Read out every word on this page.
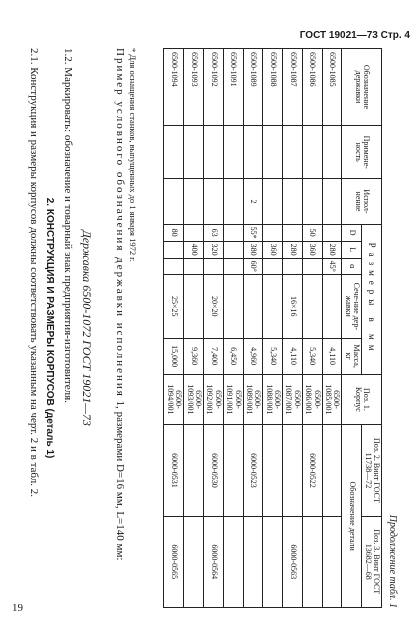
ГОСТ 19021—73 Стр. 4
Продолжение табл. 1
Обозначение державки	Примене-ность	Испол-нение	Размеры в мм					Поз. 1. Корпус	Поз. 2. Винт ГОСТ 11738—72	Поз. 3. Винт ГОСТ 13682—68
			D	L	α	Сече-ние дер-жавки	Масса, кг		Обозначение детали	
6500-1085				280	45°		4,110	6500-1085/001		
6500-1086			50	360			5,340	6500-1086/001	6000-0522	
6500-1087				280		16×16	4,110	6500-1087/001		6000-0563
6500-1088				360			5,340	6500-1088/001		
6500-1089		2	55*	380	60°		4,960	6500-1089/001	6000-0523	
6500-1091							6,450	6500-1091/001		
6500-1092			63	320		20×20	7,400	6500-1092/001	6000-0530	6000-0564
6500-1093				400			9,360	6500-1093/001		
6500-1094			80			25×25	15,000	6500-1094/001	6000-0531	6000-0565
* Для оснащения станков, выпущенных до 1 января 1972 г.
Пример условного обозначения державки исполнения 1, размерами D=16 мм, L=140 мм:
Державка 6500-1072 ГОСТ 19021—73
1.2. Маркировать: обозначение и товарный знак предприятия-изготовителя.
2. КОНСТРУКЦИЯ И РАЗМЕРЫ КОРПУСОВ (деталь 1)
2.1. Конструкция и размеры корпусов должны соответствовать указанным на черт. 2 и в табл. 2.
19
